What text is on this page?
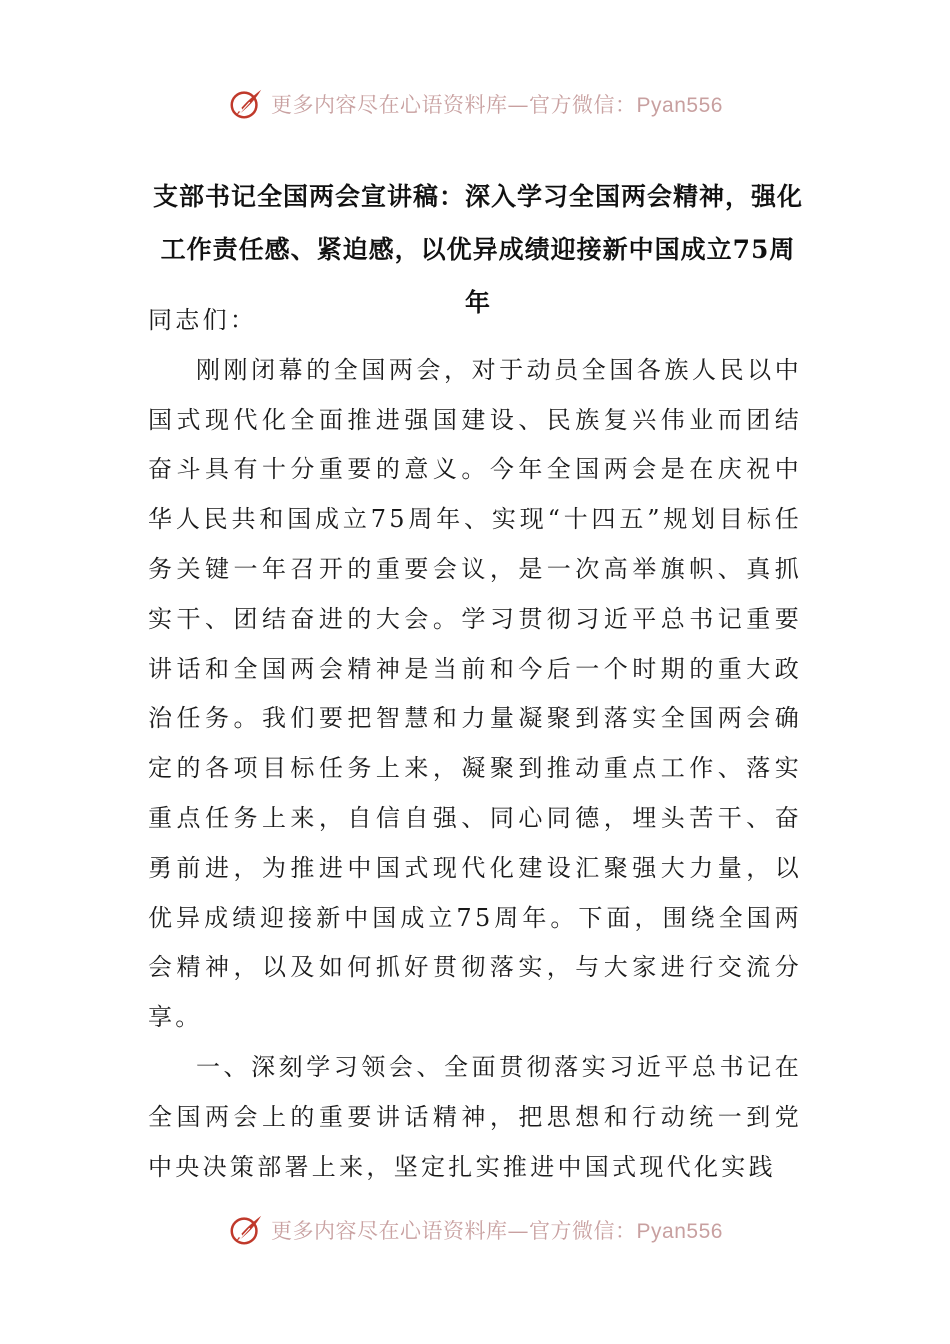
更多内容尽在心语资料库—官方微信：Pyan556
支部书记全国两会宣讲稿：深入学习全国两会精神，强化工作责任感、紧迫感，以优异成绩迎接新中国成立75周年

同志们：

刚刚闭幕的全国两会，对于动员全国各族人民以中国式现代化全面推进强国建设、民族复兴伟业而团结奋斗具有十分重要的意义。今年全国两会是在庆祝中华人民共和国成立75周年、实现“十四五”规划目标任务关键一年召开的重要会议，是一次高举旗帜、真抓实干、团结奋进的大会。学习贯彻习近平总书记重要讲话和全国两会精神是当前和今后一个时期的重大政治任务。我们要把智慧和力量凝聚到落实全国两会确定的各项目标任务上来，凝聚到推动重点工作、落实重点任务上来，自信自强、同心同德，埋头苦干、奋勇前进，为推进中国式现代化建设汇聚强大力量，以优异成绩迎接新中国成立75周年。下面，围绕全国两会精神，以及如何抓好贯彻落实，与大家进行交流分享。

一、深刻学习领会、全面贯彻落实习近平总书记在全国两会上的重要讲话精神，把思想和行动统一到党中央决策部署上来，坚定扎实推进中国式现代化实践

更多内容尽在心语资料库—官方微信：Pyan556
